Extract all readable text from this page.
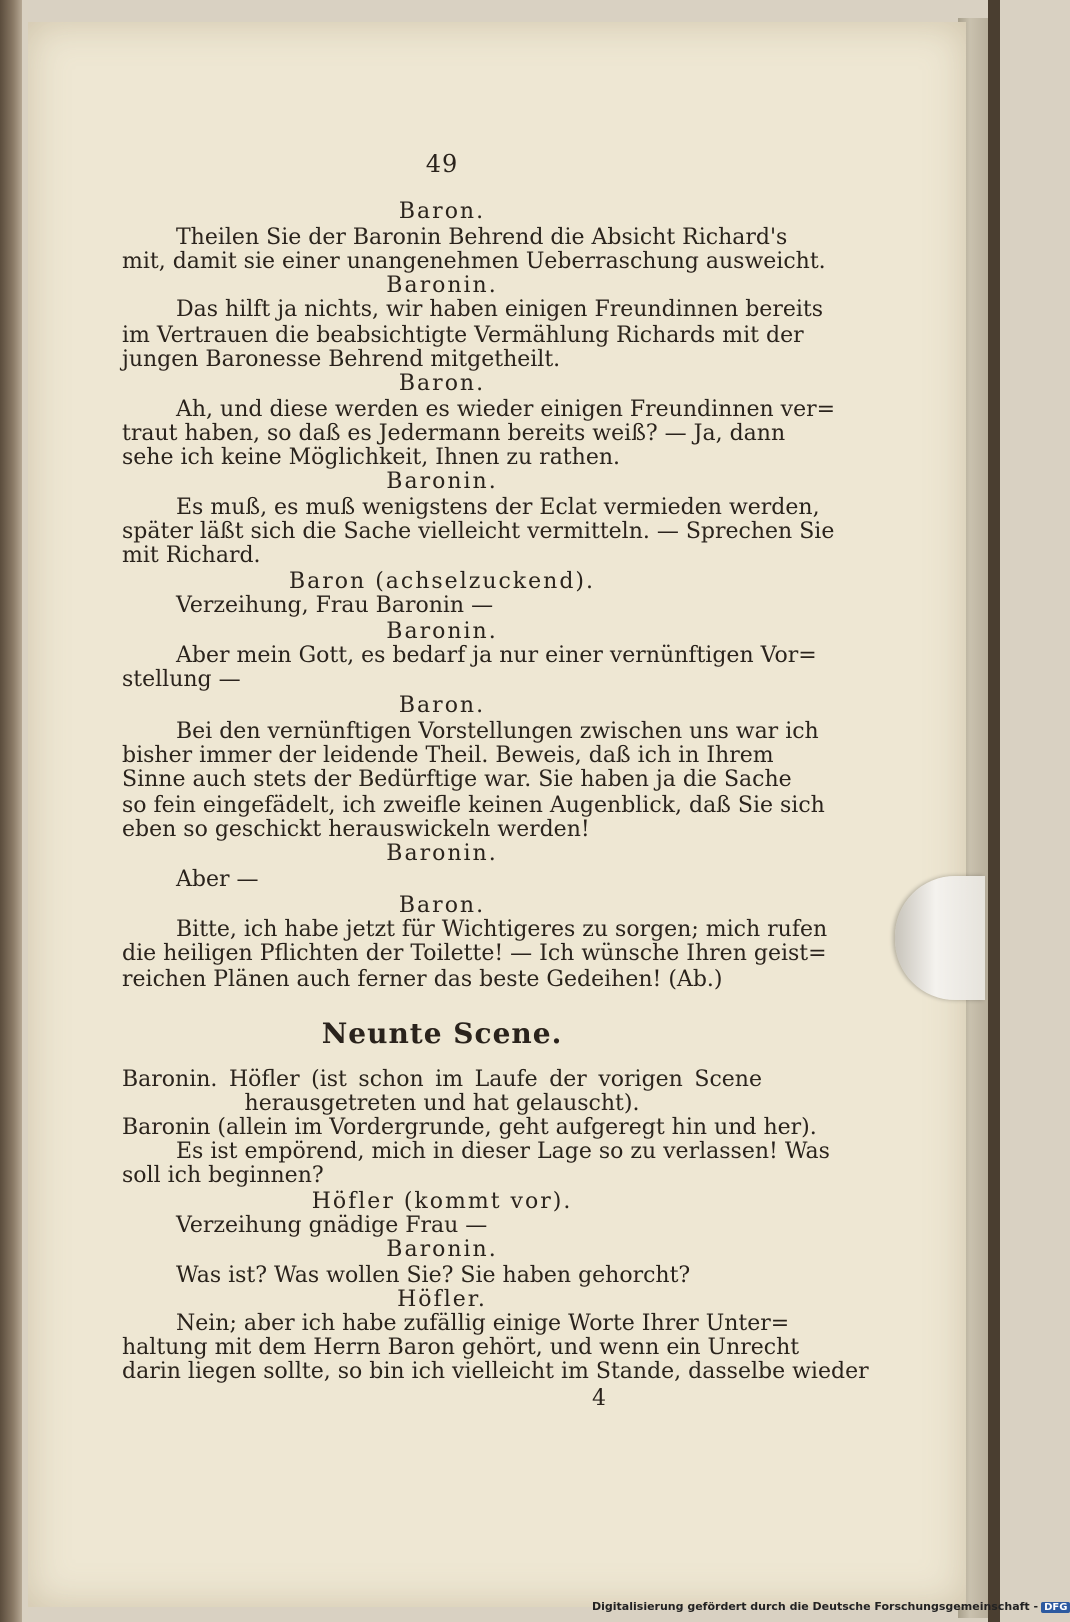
49
Baron.
Theilen Sie der Baronin Behrend die Absicht Richard's
mit, damit sie einer unangenehmen Ueberraschung ausweicht.
Baronin.
Das hilft ja nichts, wir haben einigen Freundinnen bereits
im Vertrauen die beabsichtigte Vermählung Richards mit der
jungen Baronesse Behrend mitgetheilt.
Baron.
Ah, und diese werden es wieder einigen Freundinnen ver=
traut haben, so daß es Jedermann bereits weiß? — Ja, dann
sehe ich keine Möglichkeit, Ihnen zu rathen.
Baronin.
Es muß, es muß wenigstens der Eclat vermieden werden,
später läßt sich die Sache vielleicht vermitteln. — Sprechen Sie
mit Richard.
Baron (achselzuckend).
Verzeihung, Frau Baronin —
Baronin.
Aber mein Gott, es bedarf ja nur einer vernünftigen Vor=
stellung —
Baron.
Bei den vernünftigen Vorstellungen zwischen uns war ich
bisher immer der leidende Theil. Beweis, daß ich in Ihrem
Sinne auch stets der Bedürftige war. Sie haben ja die Sache
so fein eingefädelt, ich zweifle keinen Augenblick, daß Sie sich
eben so geschickt herauswickeln werden!
Baronin.
Aber —
Baron.
Bitte, ich habe jetzt für Wichtigeres zu sorgen; mich rufen
die heiligen Pflichten der Toilette! — Ich wünsche Ihren geist=
reichen Plänen auch ferner das beste Gedeihen! (Ab.)
Neunte Scene.
Baronin. Höfler (ist schon im Laufe der vorigen Scene
herausgetreten und hat gelauscht).
Baronin (allein im Vordergrunde, geht aufgeregt hin und her).
Es ist empörend, mich in dieser Lage so zu verlassen! Was
soll ich beginnen?
Höfler (kommt vor).
Verzeihung gnädige Frau —
Baronin.
Was ist? Was wollen Sie? Sie haben gehorcht?
Höfler.
Nein; aber ich habe zufällig einige Worte Ihrer Unter=
haltung mit dem Herrn Baron gehört, und wenn ein Unrecht
darin liegen sollte, so bin ich vielleicht im Stande, dasselbe wieder
4
Digitalisierung gefördert durch die Deutsche Forschungsgemeinschaft - DFG
